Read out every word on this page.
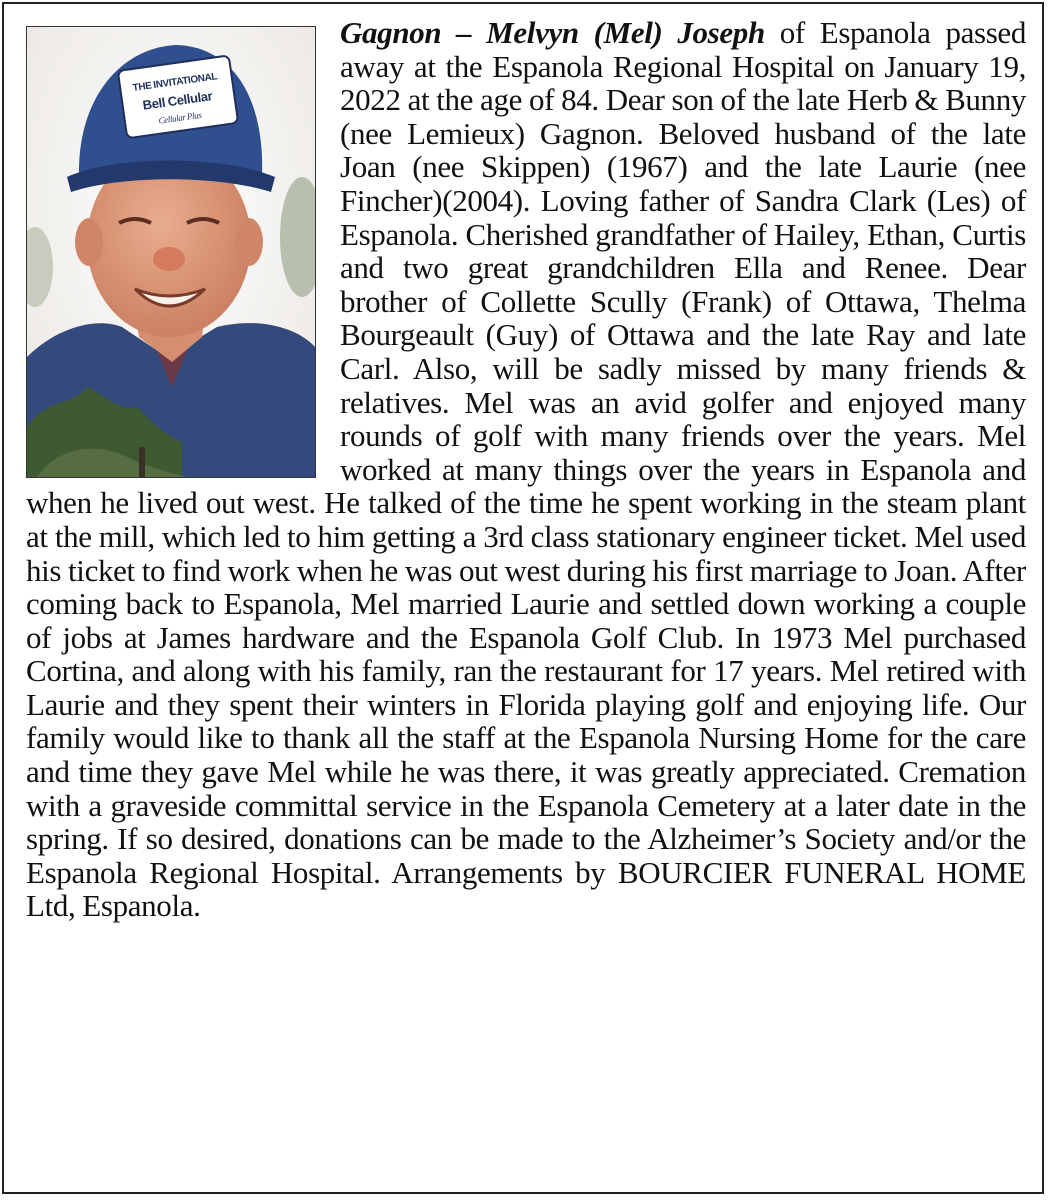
THE INVITATIONAL
Bell Cellular
Cellular Plus
Gagnon – Melvyn (Mel) Joseph of Espanola passed away at the Espanola Regional Hospital on January 19, 2022 at the age of 84. Dear son of the late Herb & Bunny (nee Lemieux) Gagnon. Beloved husband of the late Joan (nee Skippen) (1967) and the late Laurie (nee Fincher)(2004). Loving father of Sandra Clark (Les) of Espanola. Cherished grandfather of Hailey, Ethan, Curtis and two great grandchildren Ella and Renee. Dear brother of Collette Scully (Frank) of Ottawa, Thelma Bourgeault (Guy) of Ottawa and the late Ray and late Carl. Also, will be sadly missed by many friends & relatives. Mel was an avid golfer and enjoyed many rounds of golf with many friends over the years. Mel worked at many things over the years in Espanola and when he lived out west. He talked of the time he spent working in the steam plant at the mill, which led to him getting a 3rd class stationary engineer ticket. Mel used his ticket to find work when he was out west during his first marriage to Joan. After coming back to Espanola, Mel married Laurie and settled down working a couple of jobs at James hardware and the Espanola Golf Club. In 1973 Mel purchased Cortina, and along with his family, ran the restaurant for 17 years. Mel retired with Laurie and they spent their winters in Florida playing golf and enjoying life. Our family would like to thank all the staff at the Espanola Nursing Home for the care and time they gave Mel while he was there, it was greatly appreciated. Cremation with a graveside committal service in the Espanola Cemetery at a later date in the spring. If so desired, donations can be made to the Alzheimer’s Society and/or the Espanola Regional Hospital. Arrangements by BOURCIER FUNERAL HOME Ltd, Espanola.
